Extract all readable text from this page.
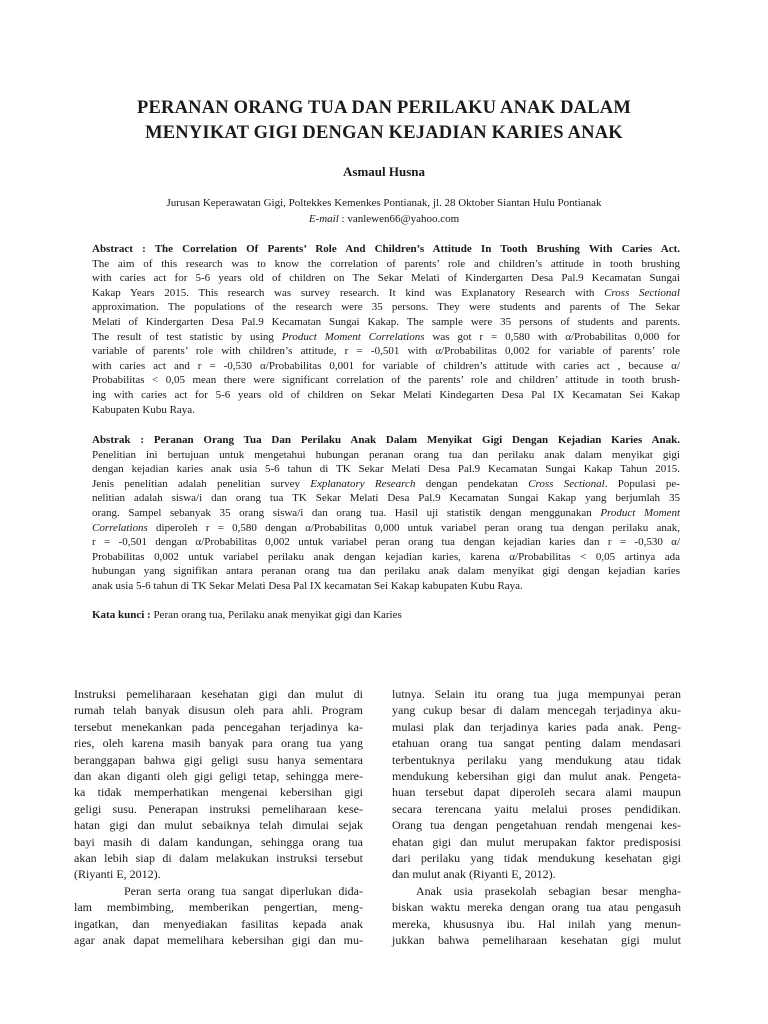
PERANAN ORANG TUA DAN PERILAKU ANAK DALAM
MENYIKAT GIGI DENGAN KEJADIAN KARIES ANAK
Asmaul Husna
Jurusan Keperawatan Gigi, Poltekkes Kemenkes Pontianak, jl. 28 Oktober Siantan Hulu Pontianak
E-mail : vanlewen66@yahoo.com
Abstract : The Correlation Of Parents’ Role And Children’s Attitude In Tooth Brushing With Caries Act.
The aim of this research was to know the correlation of parents’ role and children’s attitude in tooth brushing
with caries act for 5-6 years old of children on The Sekar Melati of Kindergarten Desa Pal.9 Kecamatan Sungai
Kakap Years 2015. This research was survey research. It kind was Explanatory Research with Cross Sectional
approximation. The populations of the research were 35 persons. They were students and parents of The Sekar
Melati of Kindergarten Desa Pal.9 Kecamatan Sungai Kakap. The sample were 35 persons of students and parents.
The result of test statistic by using Product Moment Correlations was got r = 0,580 with α/Probabilitas 0,000 for
variable of parents’ role with children’s attitude, r = -0,501 with α/Probabilitas 0,002 for variable of parents’ role
with caries act and r = -0,530 α/Probabilitas 0,001 for variable of children’s attitude with caries act , because α/
Probabilitas < 0,05 mean there were significant correlation of the parents’ role and children’ attitude in tooth brush-
ing with caries act for 5-6 years old of children on Sekar Melati Kindegarten Desa Pal IX Kecamatan Sei Kakap
Kabupaten Kubu Raya.
Abstrak : Peranan Orang Tua Dan Perilaku Anak Dalam Menyikat Gigi Dengan Kejadian Karies Anak.
Penelitian ini bertujuan untuk mengetahui hubungan peranan orang tua dan perilaku anak dalam menyikat gigi
dengan kejadian karies anak usia 5-6 tahun di TK Sekar Melati Desa Pal.9 Kecamatan Sungai Kakap Tahun 2015.
Jenis penelitian adalah penelitian survey Explanatory Research dengan pendekatan Cross Sectional. Populasi pe-
nelitian adalah siswa/i dan orang tua TK Sekar Melati Desa Pal.9 Kecamatan Sungai Kakap yang berjumlah 35
orang. Sampel sebanyak 35 orang siswa/i dan orang tua. Hasil uji statistik dengan menggunakan Product Moment
Correlations diperoleh r = 0,580 dengan α/Probabilitas 0,000 untuk variabel peran orang tua dengan perilaku anak,
r = -0,501 dengan α/Probabilitas 0,002 untuk variabel peran orang tua dengan kejadian karies dan r = -0,530 α/
Probabilitas 0,002 untuk variabel perilaku anak dengan kejadian karies, karena α/Probabilitas < 0,05 artinya ada
hubungan yang signifikan antara peranan orang tua dan perilaku anak dalam menyikat gigi dengan kejadian karies
anak usia 5-6 tahun di TK Sekar Melati Desa Pal IX kecamatan Sei Kakap kabupaten Kubu Raya.
Kata kunci : Peran orang tua, Perilaku anak menyikat gigi dan Karies
Instruksi pemeliharaan kesehatan gigi dan mulut di
rumah telah banyak disusun oleh para ahli. Program
tersebut menekankan pada pencegahan terjadinya ka-
ries, oleh karena masih banyak para orang tua yang
beranggapan bahwa gigi geligi susu hanya sementara
dan akan diganti oleh gigi geligi tetap, sehingga mere-
ka tidak memperhatikan mengenai kebersihan gigi
geligi susu. Penerapan instruksi pemeliharaan kese-
hatan gigi dan mulut sebaiknya telah dimulai sejak
bayi masih di dalam kandungan, sehingga orang tua
akan lebih siap di dalam melakukan instruksi tersebut
(Riyanti E, 2012).
Peran serta orang tua sangat diperlukan dida-
lam membimbing, memberikan pengertian, meng-
ingatkan, dan menyediakan fasilitas kepada anak
agar anak dapat memelihara kebersihan gigi dan mu-
lutnya. Selain itu orang tua juga mempunyai peran
yang cukup besar di dalam mencegah terjadinya aku-
mulasi plak dan terjadinya karies pada anak. Peng-
etahuan orang tua sangat penting dalam mendasari
terbentuknya perilaku yang mendukung atau tidak
mendukung kebersihan gigi dan mulut anak. Pengeta-
huan tersebut dapat diperoleh secara alami maupun
secara terencana yaitu melalui proses pendidikan.
Orang tua dengan pengetahuan rendah mengenai kes-
ehatan gigi dan mulut merupakan faktor predisposisi
dari perilaku yang tidak mendukung kesehatan gigi
dan mulut anak (Riyanti E, 2012).
Anak usia prasekolah sebagian besar mengha-
biskan waktu mereka dengan orang tua atau pengasuh
mereka, khususnya ibu. Hal inilah yang menun-
jukkan bahwa pemeliharaan kesehatan gigi mulut
